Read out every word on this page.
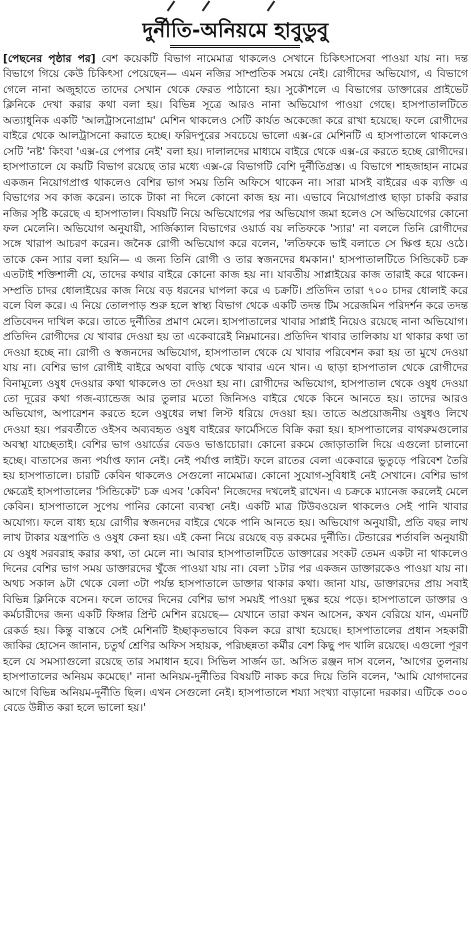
দুর্নীতি-অনিয়মে হাবুডুবু

[পেছনের পৃষ্ঠার পর] বেশ কয়েকটি বিভাগ নামেমাত্র থাকলেও সেখানে চিকিৎসাসেবা পাওয়া যায় না। দন্ত বিভাগে গিয়ে কেউ চিকিৎসা পেয়েছেন— এমন নজির সাম্প্রতিক সময়ে নেই। রোগীদের অভিযোগ, এ বিভাগে গেলে নানা অজুহাতে তাদের সেখান থেকে ফেরত পাঠানো হয়। সুকৌশলে এ বিভাগের ডাক্তারের প্রাইভেট ক্লিনিকে দেখা করার কথা বলা হয়। বিভিন্ন সূত্রে আরও নানা অভিযোগ পাওয়া গেছে। হাসপাতালটিতে অত্যাধুনিক একটি 'আলট্রাসনোগ্রাম' মেশিন থাকলেও সেটি কার্যত অকেজো করে রাখা হয়েছে। ফলে রোগীদের বাইরে থেকে আলট্রাসনো করাতে হচ্ছে। ফরিদপুরের সবচেয়ে ভালো এক্স-রে মেশিনটি এ হাসপাতালে থাকলেও সেটি 'নষ্ট' কিংবা 'এক্স-রে পেপার নেই' বলা হয়। দালালদের মাধ্যমে বাইরে থেকে এক্স-রে করতে হচ্ছে রোগীদের। হাসপাতালে যে কয়টি বিভাগ রয়েছে তার মধ্যে এক্স-রে বিভাগটি বেশি দুর্নীতিগ্রস্ত। এ বিভাগে শাহজাহান নামের একজন নিয়োগপ্রাপ্ত থাকলেও বেশির ভাগ সময় তিনি অফিসে থাকেন না। সারা মাসই বাইরের এক ব্যক্তি এ বিভাগের সব কাজ করেন। তাকে টাকা না দিলে কোনো কাজ হয় না। এভাবে নিয়োগপ্রাপ্ত ছাড়া চাকরি করার নজির সৃষ্টি করেছে এ হাসপাতাল। বিষয়টি নিয়ে অভিযোগের পর অভিযোগ জমা হলেও সে অভিযোগের কোনো ফল মেলেনি। অভিযোগ অনুযায়ী, সার্জিক্যাল বিভাগের ওয়ার্ড বয় লতিফকে 'স্যার' না বললে তিনি রোগীদের সঙ্গে খারাপ আচরণ করেন। জনৈক রোগী অভিযোগ করে বলেন, 'লতিফকে ভাই বলাতে সে ক্ষিপ্ত হয়ে ওঠে। তাকে কেন স্যার বলা হয়নি— এ জন্য তিনি রোগী ও তার স্বজনদের ধমকান।' হাসপাতালটিতে সিন্ডিকেট চক্র এতটাই শক্তিশালী যে, তাদের কথার বাইরে কোনো কাজ হয় না। যাবতীয় সাপ্লাইয়ের কাজ তারাই করে থাকেন। সম্প্রতি চাদর ধোলাইয়ের কাজ নিয়ে বড় ধরনের ঘাপলা করে এ চক্রটি। প্রতিদিন তারা ৭০০ চাদর ধোলাই করে বলে বিল করে। এ নিয়ে তোলপাড় শুরু হলে স্বাস্থ্য বিভাগ থেকে একটি তদন্ত টিম সরেজমিন পরিদর্শন করে তদন্ত প্রতিবেদন দাখিল করে। তাতে দুর্নীতির প্রমাণ মেলে। হাসপাতালের খাবার সাপ্লাই নিয়েও রয়েছে নানা অভিযোগ। প্রতিদিন রোগীদের যে খাবার দেওয়া হয় তা একেবারেই নিম্নমানের। প্রতিদিন খাবার তালিকায় যা থাকার কথা তা দেওয়া হচ্ছে না। রোগী ও স্বজনদের অভিযোগ, হাসপাতাল থেকে যে খাবার পরিবেশন করা হয় তা মুখে দেওয়া যায় না। বেশির ভাগ রোগীই বাইরে অথবা বাড়ি থেকে খাবার এনে খান। এ ছাড়া হাসপাতাল থেকে রোগীদের বিনামূল্যে ওষুধ দেওয়ার কথা থাকলেও তা দেওয়া হয় না। রোগীদের অভিযোগ, হাসপাতাল থেকে ওষুধ দেওয়া তো দূরের কথা গজ-ব্যান্ডেজ আর তুলার মতো জিনিসও বাইরে থেকে কিনে আনতে হয়। তাদের আরও অভিযোগ, অপারেশন করতে হলে ওষুধের লম্বা লিস্ট ধরিয়ে দেওয়া হয়। তাতে অপ্রয়োজনীয় ওষুধও লিখে দেওয়া হয়। পরবর্তীতে ওইসব অব্যবহৃত ওষুধ বাইরের ফার্মেসিতে বিক্রি করা হয়। হাসপাতালের বাথরুমগুলোর অবস্থা যাচ্ছেতাই। বেশির ভাগ ওয়ার্ডের বেডও ভাঙাচোরা। কোনো রকমে জোড়াতালি দিয়ে এগুলো চালানো হচ্ছে। বাতাসের জন্য পর্যাপ্ত ফ্যান নেই। নেই পর্যাপ্ত লাইট। ফলে রাতের বেলা একেবারে ভুতুড়ে পরিবেশ তৈরি হয় হাসপাতালে। চারটি কেবিন থাকলেও সেগুলো নামেমাত্র। কোনো সুযোগ-সুবিধাই নেই সেখানে। বেশির ভাগ ক্ষেত্রেই হাসপাতালের 'সিন্ডিকেট' চক্র এসব 'কেবিন' নিজেদের দখলেই রাখেন। এ চক্রকে ম্যানেজ করলেই মেলে কেবিন। হাসপাতালে সুপেয় পানির কোনো ব্যবস্থা নেই। একটি মাত্র টিউবওয়েল থাকলেও সেই পানি খাবার অযোগ্য। ফলে বাধ্য হয়ে রোগীর স্বজনদের বাইরে থেকে পানি আনতে হয়। অভিযোগ অনুযায়ী, প্রতি বছর লাখ লাখ টাকার যন্ত্রপাতি ও ওষুধ কেনা হয়। এই কেনা নিয়ে রয়েছে বড় রকমের দুর্নীতি। টেন্ডারের শর্তাবলি অনুযায়ী যে ওষুধ সরবরাহ করার কথা, তা মেলে না। আবার হাসপাতালটিতে ডাক্তারের সংকট তেমন একটা না থাকলেও দিনের বেশির ভাগ সময় ডাক্তারদের খুঁজে পাওয়া যায় না। বেলা ১টার পর একজন ডাক্তারকেও পাওয়া যায় না। অথচ সকাল ৯টা থেকে বেলা ৩টা পর্যন্ত হাসপাতালে ডাক্তার থাকার কথা। জানা যায়, ডাক্তারদের প্রায় সবাই বিভিন্ন ক্লিনিকে বসেন। ফলে তাদের দিনের বেশির ভাগ সময়ই পাওয়া দুষ্কর হয়ে পড়ে। হাসপাতালে ডাক্তার ও কর্মচারীদের জন্য একটি ফিঙ্গার প্রিন্ট মেশিন রয়েছে— যেখানে তারা কখন আসেন, কখন বেরিয়ে যান, এমনটি রেকর্ড হয়। কিন্তু বাস্তবে সেই মেশিনটি ইচ্ছাকৃতভাবে বিকল করে রাখা হয়েছে। হাসপাতালের প্রধান সহকারী জাকির হোসেন জানান, চতুর্থ শ্রেণির অফিস সহায়ক, পরিচ্ছন্নতা কর্মীর বেশ কিছু পদ খালি রয়েছে। এগুলো পূরণ হলে যে সমস্যাগুলো রয়েছে তার সমাধান হবে। সিভিল সার্জন ডা. অসিত রঞ্জন দাস বলেন, 'আগের তুলনায় হাসপাতালের অনিয়ম কমেছে।' নানা অনিয়ম-দুর্নীতির বিষয়টি নাকচ করে দিয়ে তিনি বলেন, 'আমি যোগদানের আগে বিভিন্ন অনিয়ম-দুর্নীতি ছিল। এখন সেগুলো নেই। হাসপাতালে শয্যা সংখ্যা বাড়ানো দরকার। এটিকে ৩০০ বেডে উন্নীত করা হলে ভালো হয়।'
